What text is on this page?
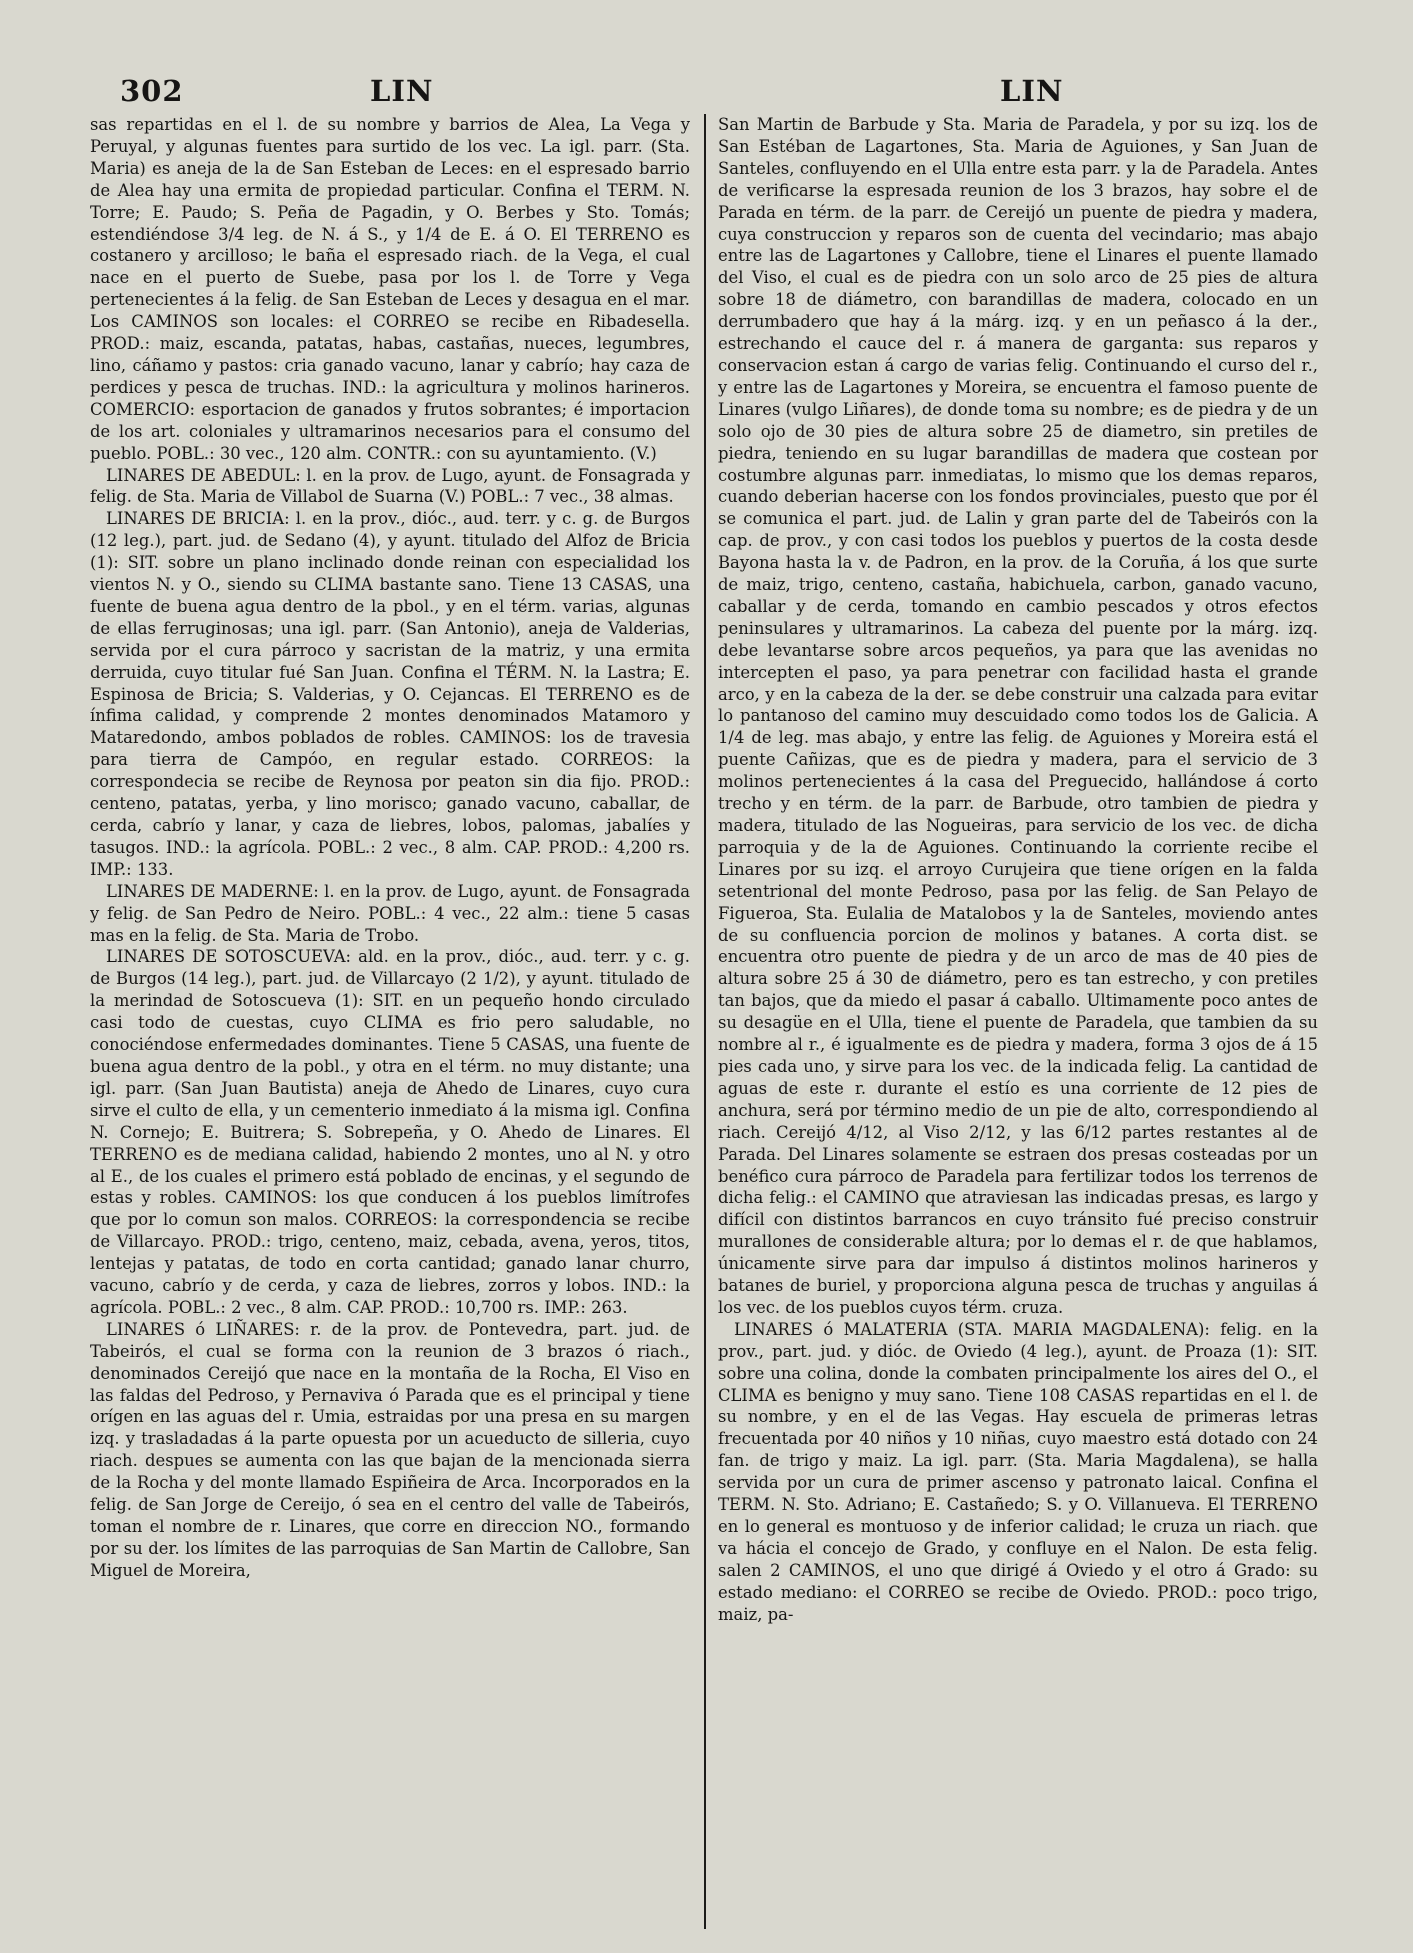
302	LIN	LIN

sas repartidas en el l. de su nombre y barrios de Alea, La Vega y Peruyal, y algunas fuentes para surtido de los vec. La igl. parr. (Sta. Maria) es aneja de la de San Esteban de Leces: en el espresado barrio de Alea hay una ermita de propiedad particular. Confina el TERM. N. Torre; E. Paudo; S. Peña de Pagadin, y O. Berbes y Sto. Tomás; estendiéndose 3/4 leg. de N. á S., y 1/4 de E. á O. El TERRENO es costanero y arcilloso; le baña el espresado riach. de la Vega, el cual nace en el puerto de Suebe, pasa por los l. de Torre y Vega pertenecientes á la felig. de San Esteban de Leces y desagua en el mar. Los CAMINOS son locales: el CORREO se recibe en Ribadesella. PROD.: maiz, escanda, patatas, habas, castañas, nueces, legumbres, lino, cáñamo y pastos: cria ganado vacuno, lanar y cabrío; hay caza de perdices y pesca de truchas. IND.: la agricultura y molinos harineros. COMERCIO: esportacion de ganados y frutos sobrantes; é importacion de los art. coloniales y ultramarinos necesarios para el consumo del pueblo. POBL.: 30 vec., 120 alm. CONTR.: con su ayuntamiento. (V.)

LINARES DE ABEDUL: l. en la prov. de Lugo, ayunt. de Fonsagrada y felig. de Sta. Maria de Villabol de Suarna (V.) POBL.: 7 vec., 38 almas.

LINARES DE BRICIA: l. en la prov., dióc., aud. terr. y c. g. de Burgos (12 leg.), part. jud. de Sedano (4), y ayunt. titulado del Alfoz de Bricia (1): SIT. sobre un plano inclinado donde reinan con especialidad los vientos N. y O., siendo su CLIMA bastante sano. Tiene 13 CASAS, una fuente de buena agua dentro de la pbol., y en el térm. varias, algunas de ellas ferruginosas; una igl. parr. (San Antonio), aneja de Valderias, servida por el cura párroco y sacristan de la matriz, y una ermita derruida, cuyo titular fué San Juan. Confina el TÉRM. N. la Lastra; E. Espinosa de Bricia; S. Valderias, y O. Cejancas. El TERRENO es de ínfima calidad, y comprende 2 montes denominados Matamoro y Mataredondo, ambos poblados de robles. CAMINOS: los de travesia para tierra de Campóo, en regular estado. CORREOS: la correspondecia se recibe de Reynosa por peaton sin dia fijo. PROD.: centeno, patatas, yerba, y lino morisco; ganado vacuno, caballar, de cerda, cabrío y lanar, y caza de liebres, lobos, palomas, jabalíes y tasugos. IND.: la agrícola. POBL.: 2 vec., 8 alm. CAP. PROD.: 4,200 rs. IMP.: 133.

LINARES DE MADERNE: l. en la prov. de Lugo, ayunt. de Fonsagrada y felig. de San Pedro de Neiro. POBL.: 4 vec., 22 alm.: tiene 5 casas mas en la felig. de Sta. Maria de Trobo.

LINARES DE SOTOSCUEVA: ald. en la prov., dióc., aud. terr. y c. g. de Burgos (14 leg.), part. jud. de Villarcayo (2 1/2), y ayunt. titulado de la merindad de Sotoscueva (1): SIT. en un pequeño hondo circulado casi todo de cuestas, cuyo CLIMA es frio pero saludable, no conociéndose enfermedades dominantes. Tiene 5 CASAS, una fuente de buena agua dentro de la pobl., y otra en el térm. no muy distante; una igl. parr. (San Juan Bautista) aneja de Ahedo de Linares, cuyo cura sirve el culto de ella, y un cementerio inmediato á la misma igl. Confina N. Cornejo; E. Buitrera; S. Sobrepeña, y O. Ahedo de Linares. El TERRENO es de mediana calidad, habiendo 2 montes, uno al N. y otro al E., de los cuales el primero está poblado de encinas, y el segundo de estas y robles. CAMINOS: los que conducen á los pueblos limítrofes que por lo comun son malos. CORREOS: la correspondencia se recibe de Villarcayo. PROD.: trigo, centeno, maiz, cebada, avena, yeros, titos, lentejas y patatas, de todo en corta cantidad; ganado lanar churro, vacuno, cabrío y de cerda, y caza de liebres, zorros y lobos. IND.: la agrícola. POBL.: 2 vec., 8 alm. CAP. PROD.: 10,700 rs. IMP.: 263.

LINARES ó LIÑARES: r. de la prov. de Pontevedra, part. jud. de Tabeirós, el cual se forma con la reunion de 3 brazos ó riach., denominados Cereijó que nace en la montaña de la Rocha, El Viso en las faldas del Pedroso, y Pernaviva ó Parada que es el principal y tiene orígen en las aguas del r. Umia, estraidas por una presa en su margen izq. y trasladadas á la parte opuesta por un acueducto de silleria, cuyo riach. despues se aumenta con las que bajan de la mencionada sierra de la Rocha y del monte llamado Espiñeira de Arca. Incorporados en la felig. de San Jorge de Cereijo, ó sea en el centro del valle de Tabeirós, toman el nombre de r. Linares, que corre en direccion NO., formando por su der. los límites de las parroquias de San Martin de Callobre, San Miguel de Moreira,

San Martin de Barbude y Sta. Maria de Paradela, y por su izq. los de San Estéban de Lagartones, Sta. Maria de Aguiones, y San Juan de Santeles, confluyendo en el Ulla entre esta parr. y la de Paradela. Antes de verificarse la espresada reunion de los 3 brazos, hay sobre el de Parada en térm. de la parr. de Cereijó un puente de piedra y madera, cuya construccion y reparos son de cuenta del vecindario; mas abajo entre las de Lagartones y Callobre, tiene el Linares el puente llamado del Viso, el cual es de piedra con un solo arco de 25 pies de altura sobre 18 de diámetro, con barandillas de madera, colocado en un derrumbadero que hay á la márg. izq. y en un peñasco á la der., estrechando el cauce del r. á manera de garganta: sus reparos y conservacion estan á cargo de varias felig. Continuando el curso del r., y entre las de Lagartones y Moreira, se encuentra el famoso puente de Linares (vulgo Liñares), de donde toma su nombre; es de piedra y de un solo ojo de 30 pies de altura sobre 25 de diametro, sin pretiles de piedra, teniendo en su lugar barandillas de madera que costean por costumbre algunas parr. inmediatas, lo mismo que los demas reparos, cuando deberian hacerse con los fondos provinciales, puesto que por él se comunica el part. jud. de Lalin y gran parte del de Tabeirós con la cap. de prov., y con casi todos los pueblos y puertos de la costa desde Bayona hasta la v. de Padron, en la prov. de la Coruña, á los que surte de maiz, trigo, centeno, castaña, habichuela, carbon, ganado vacuno, caballar y de cerda, tomando en cambio pescados y otros efectos peninsulares y ultramarinos. La cabeza del puente por la márg. izq. debe levantarse sobre arcos pequeños, ya para que las avenidas no intercepten el paso, ya para penetrar con facilidad hasta el grande arco, y en la cabeza de la der. se debe construir una calzada para evitar lo pantanoso del camino muy descuidado como todos los de Galicia. A 1/4 de leg. mas abajo, y entre las felig. de Aguiones y Moreira está el puente Cañizas, que es de piedra y madera, para el servicio de 3 molinos pertenecientes á la casa del Preguecido, hallándose á corto trecho y en térm. de la parr. de Barbude, otro tambien de piedra y madera, titulado de las Nogueiras, para servicio de los vec. de dicha parroquia y de la de Aguiones. Continuando la corriente recibe el Linares por su izq. el arroyo Curujeira que tiene orígen en la falda setentrional del monte Pedroso, pasa por las felig. de San Pelayo de Figueroa, Sta. Eulalia de Matalobos y la de Santeles, moviendo antes de su confluencia porcion de molinos y batanes. A corta dist. se encuentra otro puente de piedra y de un arco de mas de 40 pies de altura sobre 25 á 30 de diámetro, pero es tan estrecho, y con pretiles tan bajos, que da miedo el pasar á caballo. Ultimamente poco antes de su desagüe en el Ulla, tiene el puente de Paradela, que tambien da su nombre al r., é igualmente es de piedra y madera, forma 3 ojos de á 15 pies cada uno, y sirve para los vec. de la indicada felig. La cantidad de aguas de este r. durante el estío es una corriente de 12 pies de anchura, será por término medio de un pie de alto, correspondiendo al riach. Cereijó 4/12, al Viso 2/12, y las 6/12 partes restantes al de Parada. Del Linares solamente se estraen dos presas costeadas por un benéfico cura párroco de Paradela para fertilizar todos los terrenos de dicha felig.: el CAMINO que atraviesan las indicadas presas, es largo y difícil con distintos barrancos en cuyo tránsito fué preciso construir murallones de considerable altura; por lo demas el r. de que hablamos, únicamente sirve para dar impulso á distintos molinos harineros y batanes de buriel, y proporciona alguna pesca de truchas y anguilas á los vec. de los pueblos cuyos térm. cruza.

LINARES ó MALATERIA (STA. MARIA MAGDALENA): felig. en la prov., part. jud. y dióc. de Oviedo (4 leg.), ayunt. de Proaza (1): SIT. sobre una colina, donde la combaten principalmente los aires del O., el CLIMA es benigno y muy sano. Tiene 108 CASAS repartidas en el l. de su nombre, y en el de las Vegas. Hay escuela de primeras letras frecuentada por 40 niños y 10 niñas, cuyo maestro está dotado con 24 fan. de trigo y maiz. La igl. parr. (Sta. Maria Magdalena), se halla servida por un cura de primer ascenso y patronato laical. Confina el TERM. N. Sto. Adriano; E. Castañedo; S. y O. Villanueva. El TERRENO en lo general es montuoso y de inferior calidad; le cruza un riach. que va hácia el concejo de Grado, y confluye en el Nalon. De esta felig. salen 2 CAMINOS, el uno que dirigé á Oviedo y el otro á Grado: su estado mediano: el CORREO se recibe de Oviedo. PROD.: poco trigo, maiz, pa-
